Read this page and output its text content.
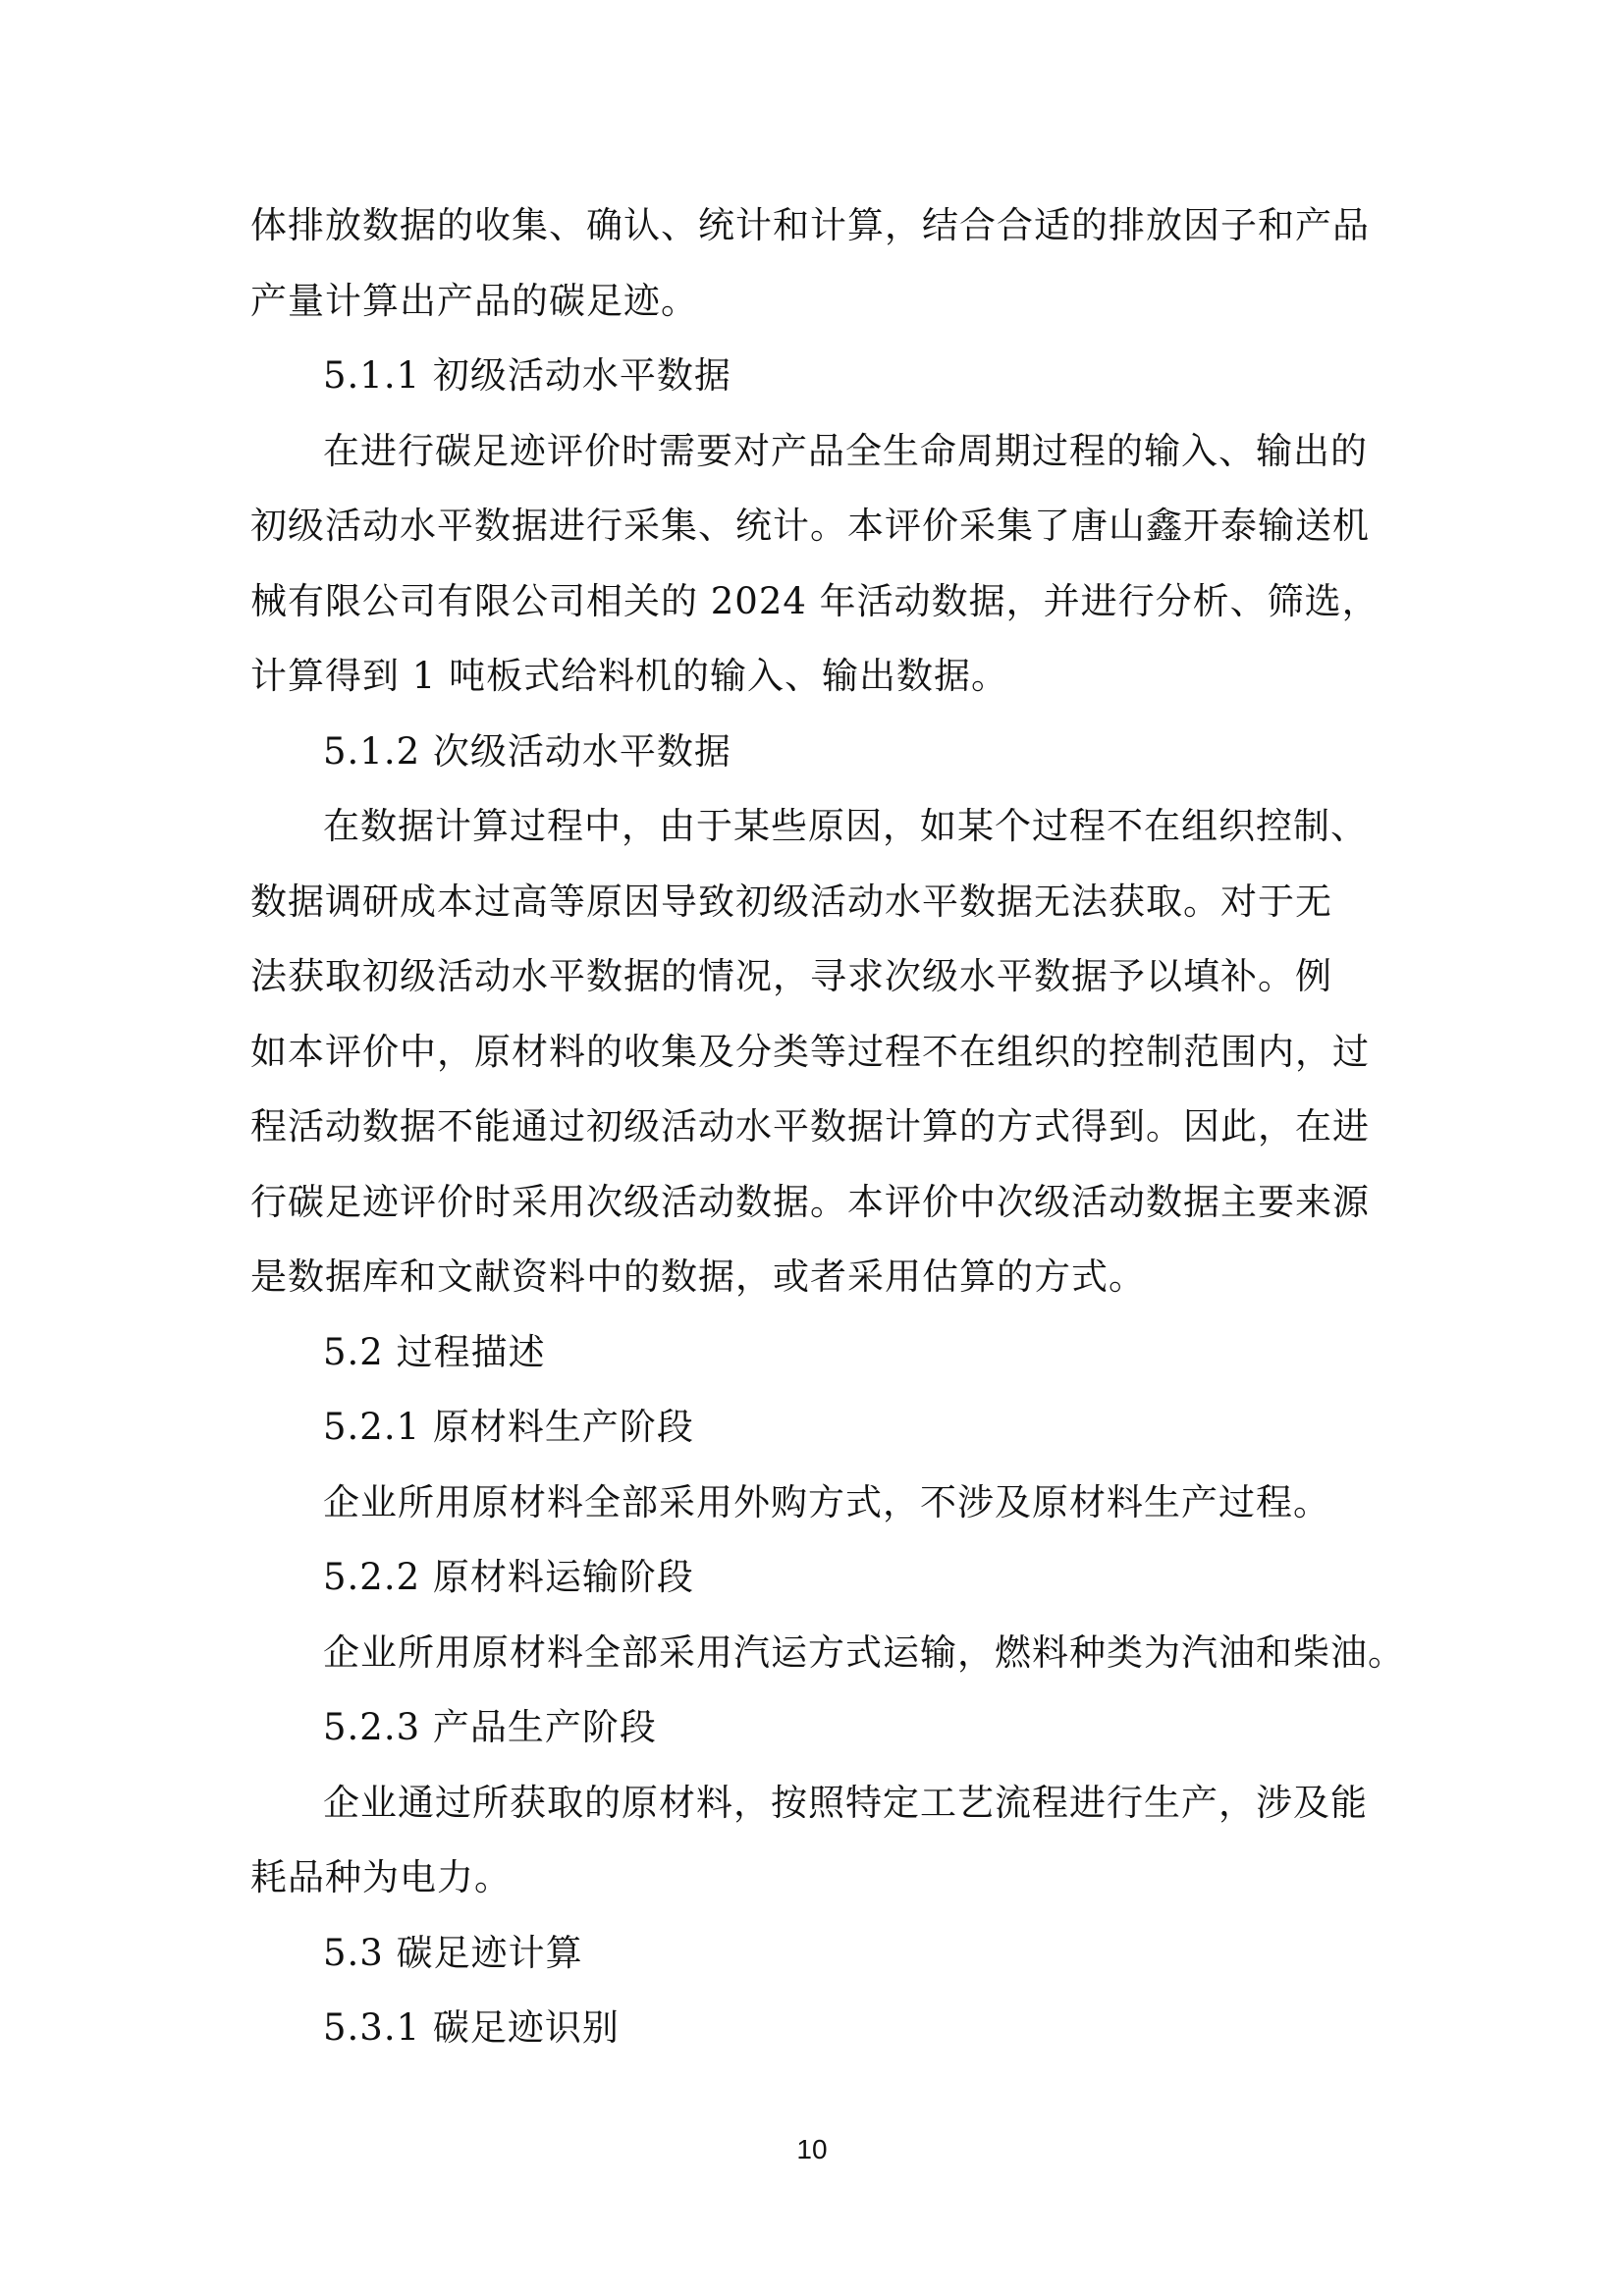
体排放数据的收集、确认、统计和计算，结合合适的排放因子和产品
产量计算出产品的碳足迹。
5.1.1 初级活动水平数据
在进行碳足迹评价时需要对产品全生命周期过程的输入、输出的
初级活动水平数据进行采集、统计。本评价采集了唐山鑫开泰输送机
械有限公司有限公司相关的 2024 年活动数据，并进行分析、筛选，
计算得到 1 吨板式给料机的输入、输出数据。
5.1.2 次级活动水平数据
在数据计算过程中，由于某些原因，如某个过程不在组织控制、
数据调研成本过高等原因导致初级活动水平数据无法获取。对于无
法获取初级活动水平数据的情况，寻求次级水平数据予以填补。例
如本评价中，原材料的收集及分类等过程不在组织的控制范围内，过
程活动数据不能通过初级活动水平数据计算的方式得到。因此，在进
行碳足迹评价时采用次级活动数据。本评价中次级活动数据主要来源
是数据库和文献资料中的数据，或者采用估算的方式。
5.2 过程描述
5.2.1 原材料生产阶段
企业所用原材料全部采用外购方式，不涉及原材料生产过程。
5.2.2 原材料运输阶段
企业所用原材料全部采用汽运方式运输，燃料种类为汽油和柴油。
5.2.3 产品生产阶段
企业通过所获取的原材料，按照特定工艺流程进行生产，涉及能
耗品种为电力。
5.3 碳足迹计算
5.3.1 碳足迹识别
10
